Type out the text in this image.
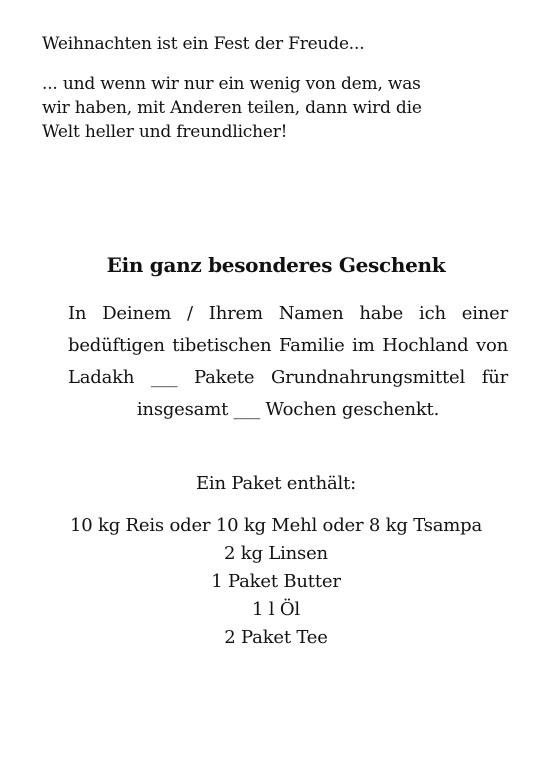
Weihnachten ist ein Fest der Freude...

... und wenn wir nur ein wenig von dem, was

wir haben, mit Anderen teilen, dann wird die

Welt heller und freundlicher!

Ein ganz besonderes Geschenk
In Deinem / Ihrem Namen habe ich einer
bedüftigen tibetischen Familie im Hochland von
Ladakh ___ Pakete Grundnahrungsmittel für
insgesamt ___ Wochen geschenkt.

Ein Paket enthält:

10 kg Reis oder 10 kg Mehl oder 8 kg Tsampa
2 kg Linsen
1 Paket Butter
1 l Öl
2 Paket Tee
